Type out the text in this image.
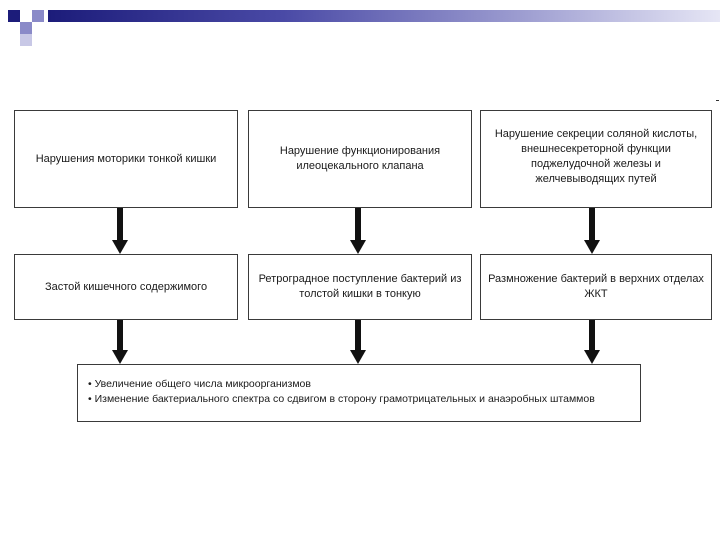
Нарушения моторики тонкой кишки
Нарушение функционирования илеоцекального клапана
Нарушение секреции соляной кислоты, внешнесекреторной функции поджелудочной железы и желчевыводящих путей
Застой кишечного содержимого
Ретроградное поступление бактерий из толстой кишки в тонкую
Размножение бактерий в верхних отделах ЖКТ
• Увеличение общего числа микроорганизмов
• Изменение бактериального спектра со сдвигом в сторону грамотрицательных и анаэробных штаммов
